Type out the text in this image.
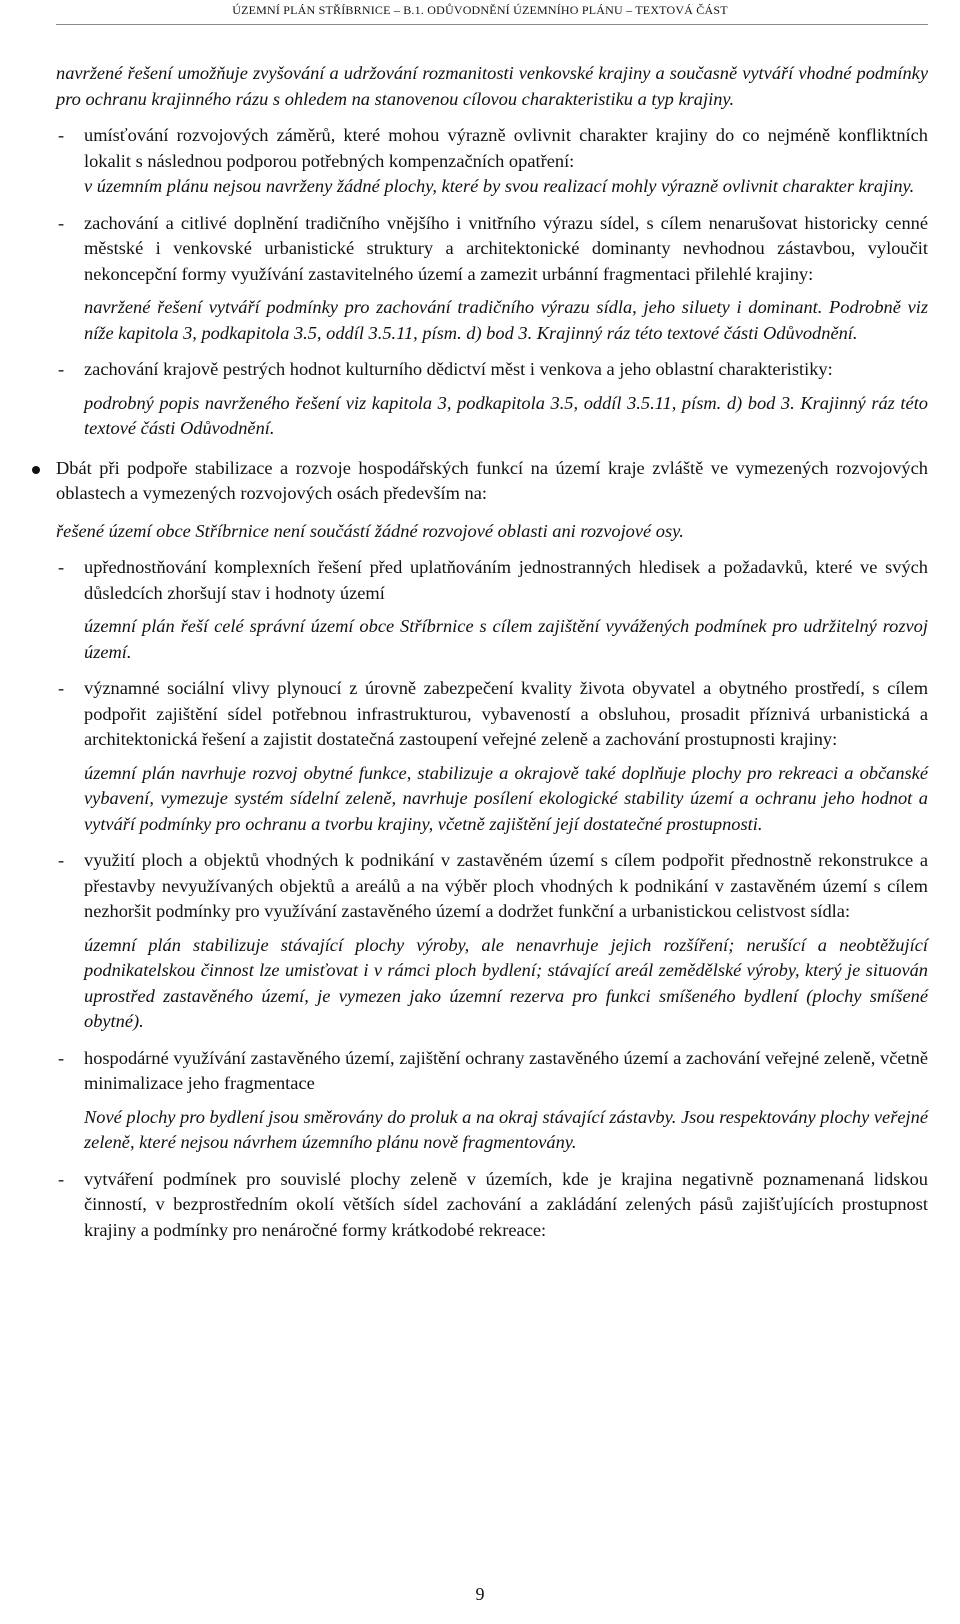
ÚZEMNÍ PLÁN STŘÍBRNICE – B.1. ODŮVODNĚNÍ ÚZEMNÍHO PLÁNU – TEXTOVÁ ČÁST

navržené řešení umožňuje zvyšování a udržování rozmanitosti venkovské krajiny a současně vytváří vhodné podmínky pro ochranu krajinného rázu s ohledem na stanovenou cílovou charakteristiku a typ krajiny.

- umísťování rozvojových záměrů, které mohou výrazně ovlivnit charakter krajiny do co nejméně konfliktních lokalit s následnou podporou potřebných kompenzačních opatření:

v územním plánu nejsou navrženy žádné plochy, které by svou realizací mohly výrazně ovlivnit charakter krajiny.

- zachování a citlivé doplnění tradičního vnějšího i vnitřního výrazu sídel, s cílem nenarušovat historicky cenné městské i venkovské urbanistické struktury a architektonické dominanty nevhodnou zástavbou, vyloučit nekoncepční formy využívání zastavitelného území a zamezit urbánní fragmentaci přilehlé krajiny:

navržené řešení vytváří podmínky pro zachování tradičního výrazu sídla, jeho siluety i dominant. Podrobně viz níže kapitola 3, podkapitola 3.5, oddíl 3.5.11, písm. d) bod 3. Krajinný ráz této textové části Odůvodnění.

- zachování krajově pestrých hodnot kulturního dědictví měst i venkova a jeho oblastní charakteristiky:

podrobný popis navrženého řešení viz kapitola 3, podkapitola 3.5, oddíl 3.5.11, písm. d) bod 3. Krajinný ráz této textové části Odůvodnění.

Dbát při podpoře stabilizace a rozvoje hospodářských funkcí na území kraje zvláště ve vymezených rozvojových oblastech a vymezených rozvojových osách především na:

řešené území obce Stříbrnice není součástí žádné rozvojové oblasti ani rozvojové osy.

- upřednostňování komplexních řešení před uplatňováním jednostranných hledisek a požadavků, které ve svých důsledcích zhoršují stav i hodnoty území

územní plán řeší celé správní území obce Stříbrnice s cílem zajištění vyvážených podmínek pro udržitelný rozvoj území.

- významné sociální vlivy plynoucí z úrovně zabezpečení kvality života obyvatel a obytného prostředí, s cílem podpořit zajištění sídel potřebnou infrastrukturou, vybaveností a obsluhou, prosadit příznivá urbanistická a architektonická řešení a zajistit dostatečná zastoupení veřejné zeleně a zachování prostupnosti krajiny:

územní plán navrhuje rozvoj obytné funkce, stabilizuje a okrajově také doplňuje plochy pro rekreaci a občanské vybavení, vymezuje systém sídelní zeleně, navrhuje posílení ekologické stability území a ochranu jeho hodnot a vytváří podmínky pro ochranu a tvorbu krajiny, včetně zajištění její dostatečné prostupnosti.

- využití ploch a objektů vhodných k podnikání v zastavěném území s cílem podpořit přednostně rekonstrukce a přestavby nevyužívaných objektů a areálů a na výběr ploch vhodných k podnikání v zastavěném území s cílem nezhoršit podmínky pro využívání zastavěného území a dodržet funkční a urbanistickou celistvost sídla:

územní plán stabilizuje stávající plochy výroby, ale nenavrhuje jejich rozšíření; nerušící a neobtěžující podnikatelskou činnost lze umisťovat i v rámci ploch bydlení; stávající areál zemědělské výroby, který je situován uprostřed zastavěného území, je vymezen jako územní rezerva pro funkci smíšeného bydlení (plochy smíšené obytné).

- hospodárné využívání zastavěného území, zajištění ochrany zastavěného území a zachování veřejné zeleně, včetně minimalizace jeho fragmentace

Nové plochy pro bydlení jsou směrovány do proluk a na okraj stávající zástavby. Jsou respektovány plochy veřejné zeleně, které nejsou návrhem územního plánu nově fragmentovány.

- vytváření podmínek pro souvislé plochy zeleně v územích, kde je krajina negativně poznamenaná lidskou činností, v bezprostředním okolí větších sídel zachování a zakládání zelených pásů zajišťujících prostupnost krajiny a podmínky pro nenáročné formy krátkodobé rekreace:

9
